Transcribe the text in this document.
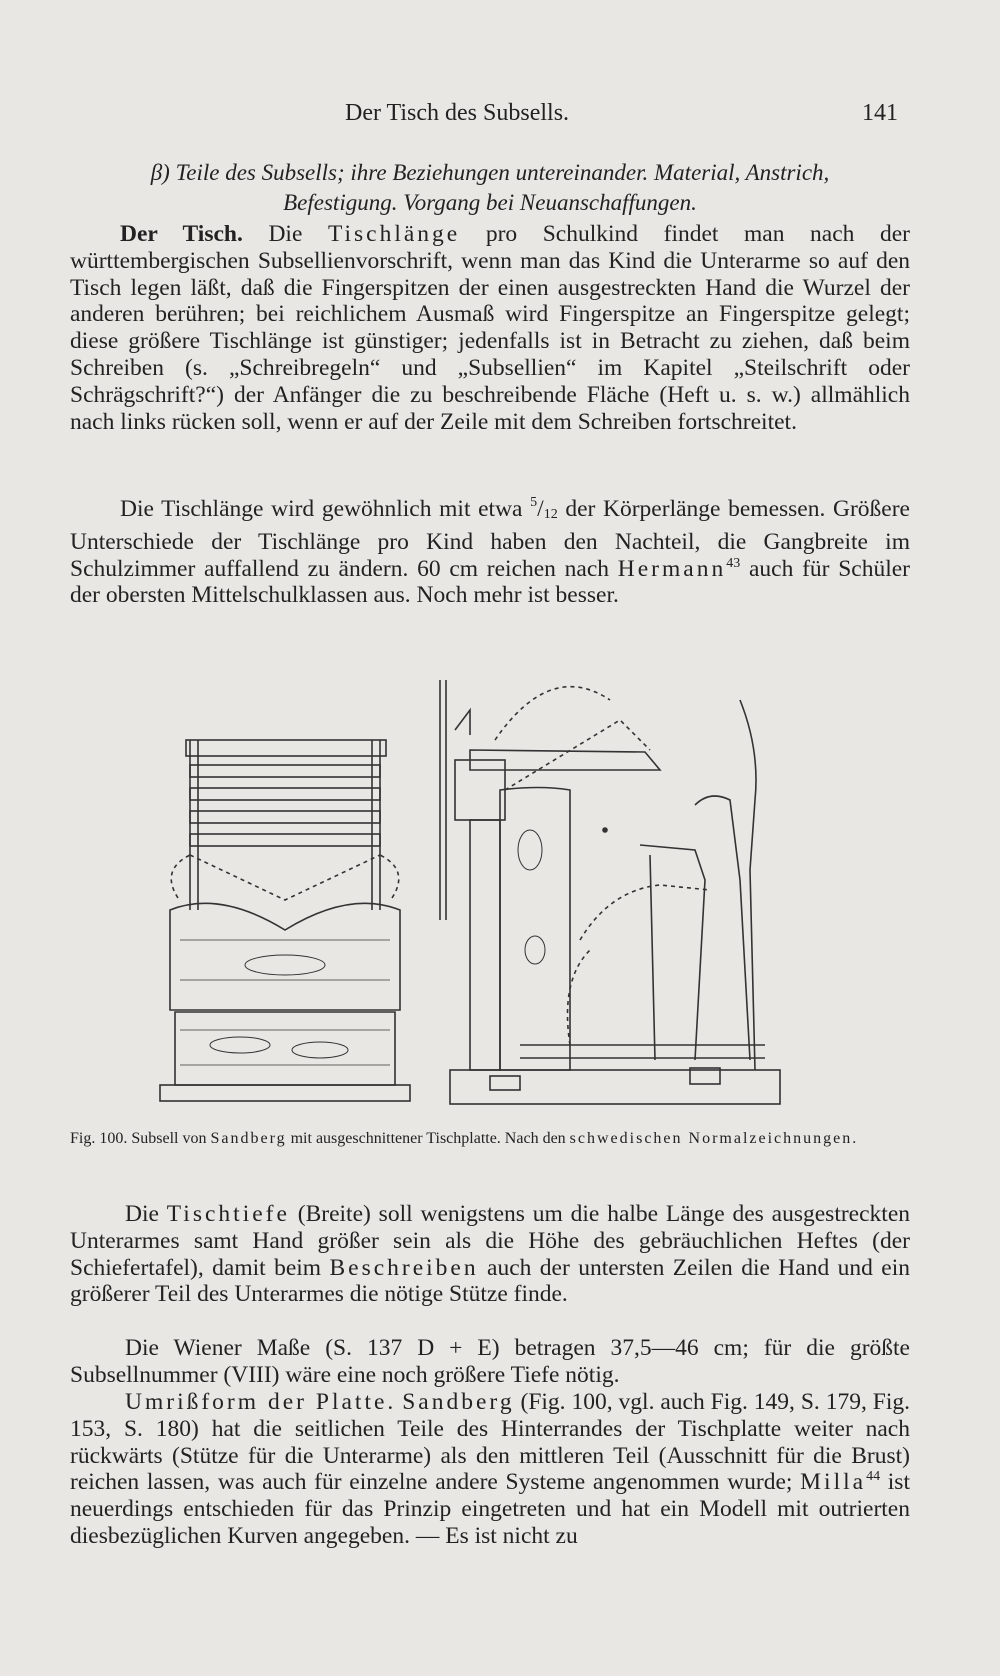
Der Tisch des Subsells.	141
β) Teile des Subsells; ihre Beziehungen untereinander. Material, Anstrich,
Befestigung. Vorgang bei Neuanschaffungen.

Der Tisch. Die Tischlänge pro Schulkind findet man nach der württembergischen Subsellienvorschrift, wenn man das Kind die Unterarme so auf den Tisch legen läßt, daß die Fingerspitzen der einen ausgestreckten Hand die Wurzel der anderen berühren; bei reichlichem Ausmaß wird Fingerspitze an Fingerspitze gelegt; diese größere Tischlänge ist günstiger; jedenfalls ist in Betracht zu ziehen, daß beim Schreiben (s. „Schreibregeln“ und „Subsellien“ im Kapitel „Steilschrift oder Schrägschrift?“) der Anfänger die zu beschreibende Fläche (Heft u. s. w.) allmählich nach links rücken soll, wenn er auf der Zeile mit dem Schreiben fortschreitet.

Die Tischlänge wird gewöhnlich mit etwa $^5$/12 der Körperlänge bemessen. Größere Unterschiede der Tischlänge pro Kind haben den Nachteil, die Gangbreite im Schulzimmer auffallend zu ändern. 60 cm reichen nach Hermann$^{43}$ auch für Schüler der obersten Mittelschulklassen aus. Noch mehr ist besser.

Fig. 100. Subsell von Sandberg mit ausgeschnittener Tischplatte. Nach den schwedischen Normalzeichnungen.

Die Tischtiefe (Breite) soll wenigstens um die halbe Länge des ausgestreckten Unterarmes samt Hand größer sein als die Höhe des gebräuchlichen Heftes (der Schiefertafel), damit beim Beschreiben auch der untersten Zeilen die Hand und ein größerer Teil des Unterarmes die nötige Stütze finde.

Die Wiener Maße (S. 137 D + E) betragen 37,5—46 cm; für die größte Subsellnummer (VIII) wäre eine noch größere Tiefe nötig.

Umrißform der Platte. Sandberg (Fig. 100, vgl. auch Fig. 149, S. 179, Fig. 153, S. 180) hat die seitlichen Teile des Hinterrandes der Tischplatte weiter nach rückwärts (Stütze für die Unterarme) als den mittleren Teil (Ausschnitt für die Brust) reichen lassen, was auch für einzelne andere Systeme angenommen wurde; Milla$^{44}$ ist neuerdings entschieden für das Prinzip eingetreten und hat ein Modell mit outrierten diesbezüglichen Kurven angegeben. — Es ist nicht zu
